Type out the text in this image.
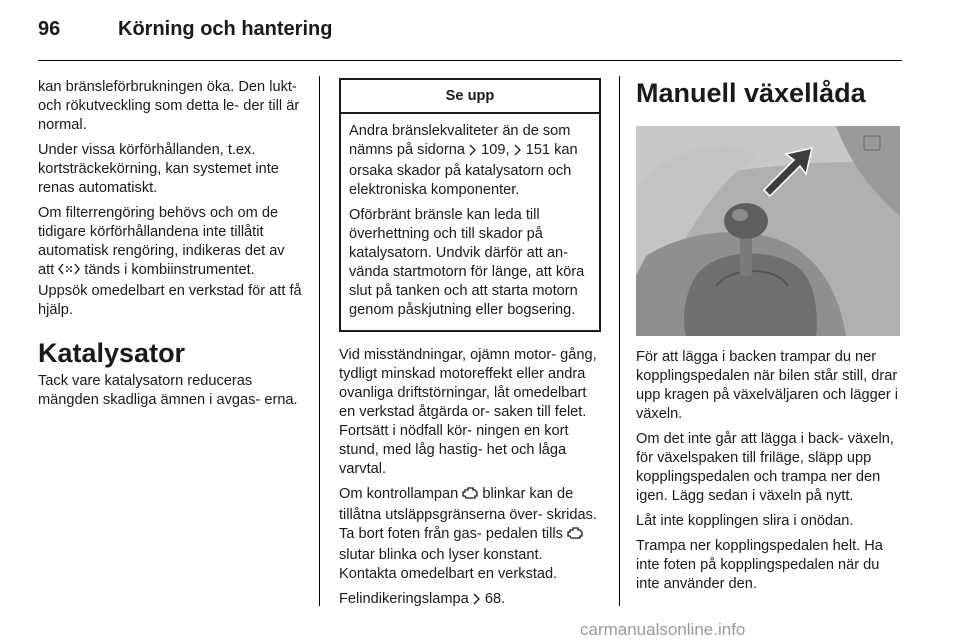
96	Körning och hantering

kan bränsleförbrukningen öka. Den lukt- och rökutveckling som detta le- der till är normal.

Under vissa körförhållanden, t.ex. kortsträckekörning, kan systemet inte renas automatiskt.

Om filterrengöring behövs och om de tidigare körförhållandena inte tillåtit automatisk rengöring, indikeras det av att  tänds i kombiinstrumentet. Uppsök omedelbart en verkstad för att få hjälp.

Katalysator

Tack vare katalysatorn reduceras mängden skadliga ämnen i avgas- erna.

Se upp

Andra bränslekvaliteter än de som nämns på sidorna  109,  151 kan orsaka skador på katalysatorn och elektroniska komponenter.

Oförbränt bränsle kan leda till överhettning och till skador på katalysatorn. Undvik därför att an- vända startmotorn för länge, att köra slut på tanken och att starta motorn genom påskjutning eller bogsering.

Vid misständningar, ojämn motor- gång, tydligt minskad motoreffekt eller andra ovanliga driftstörningar, låt omedelbart en verkstad åtgärda or- saken till felet. Fortsätt i nödfall kör- ningen en kort stund, med låg hastig- het och låga varvtal.

Om kontrollampan  blinkar kan de tillåtna utsläppsgränserna över- skridas. Ta bort foten från gas- pedalen tills  slutar blinka och lyser konstant. Kontakta omedelbart en verkstad.

Felindikeringslampa  68.

Manuell växellåda

För att lägga i backen trampar du ner kopplingspedalen när bilen står still, drar upp kragen på växelväljaren och lägger i växeln.

Om det inte går att lägga i back- växeln, för växelspaken till friläge, släpp upp kopplingspedalen och trampa ner den igen. Lägg sedan i växeln på nytt.

Låt inte kopplingen slira i onödan.

Trampa ner kopplingspedalen helt. Ha inte foten på kopplingspedalen när du inte använder den.

carmanualsonline.info
